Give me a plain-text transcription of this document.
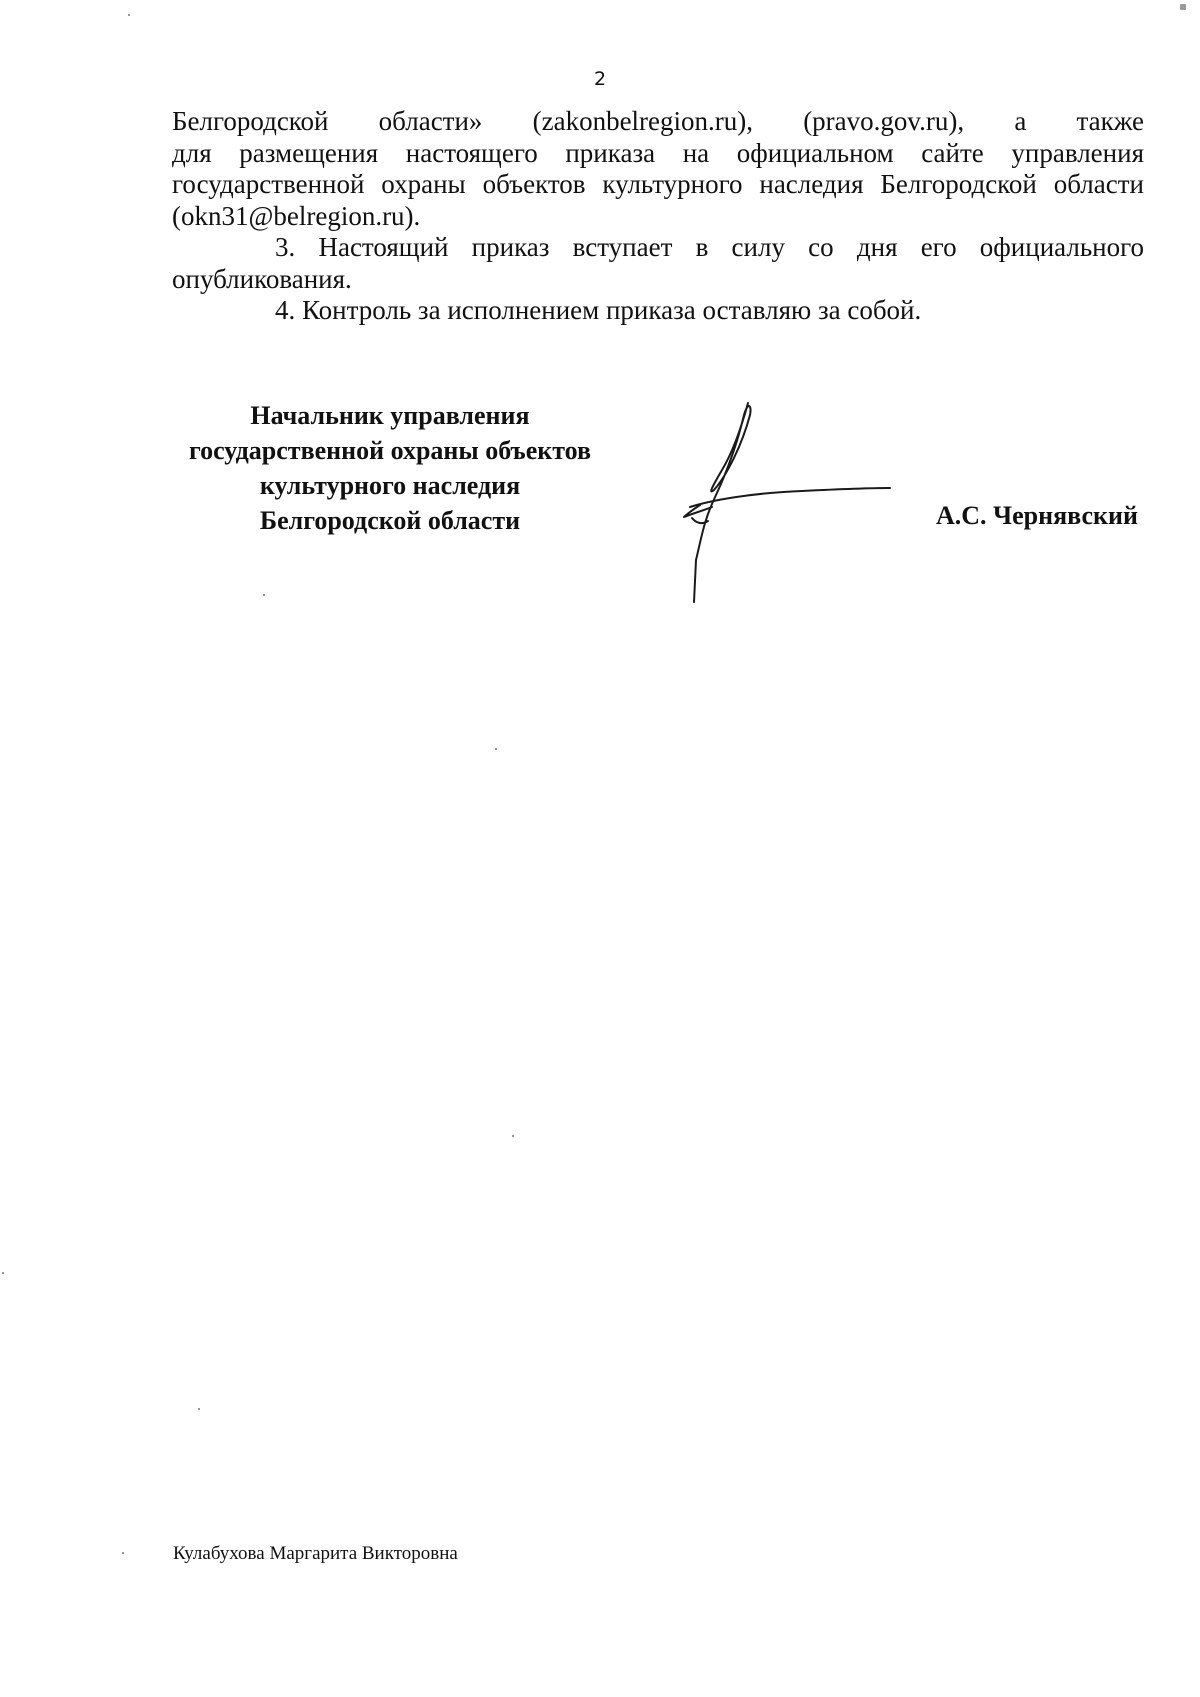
2

Белгородской области» (zakonbelregion.ru), (pravo.gov.ru), а также

для размещения настоящего приказа на официальном сайте управления

государственной охраны объектов культурного наследия Белгородской области

(okn31@belregion.ru).

3. Настоящий приказ вступает в силу со дня его официального

опубликования.

4. Контроль за исполнением приказа оставляю за собой.

Начальник управления
государственной охраны объектов
культурного наследия
Белгородской области	А.С. Чернявский
Кулабухова Маргарита Викторовна
